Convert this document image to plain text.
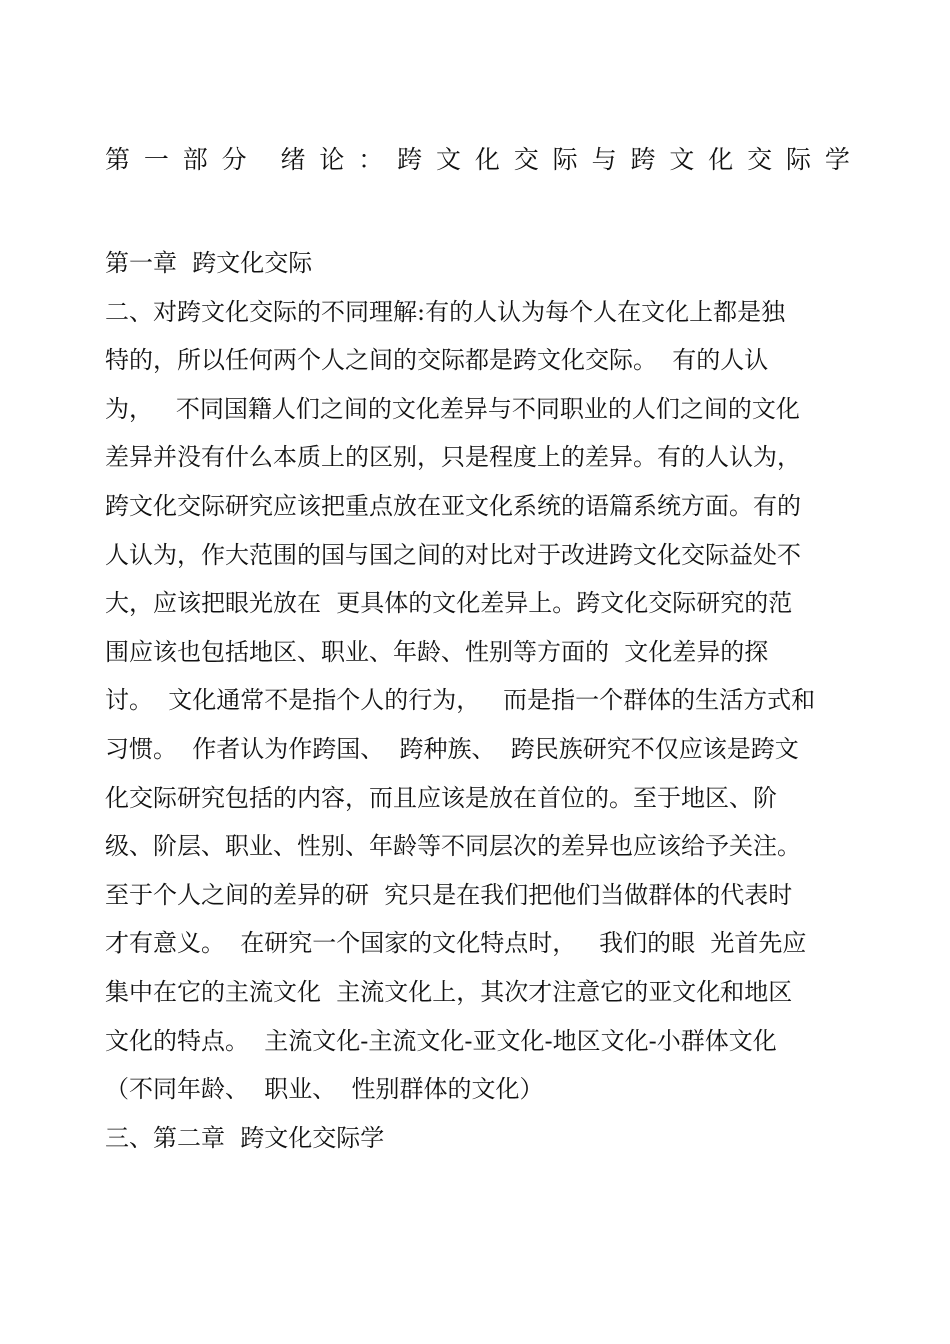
第 一 部 分 绪 论 ： 跨 文 化 交 际 与 跨 文 化 交 际 学
第一章  跨文化交际
二、对跨文化交际的不同理解:有的人认为每个人在文化上都是独
特的，所以任何两个人之间的交际都是跨文化交际。  有的人认
为，   不同国籍人们之间的文化差异与不同职业的人们之间的文化
差异并没有什么本质上的区别，只是程度上的差异。有的人认为，
跨文化交际研究应该把重点放在亚文化系统的语篇系统方面。有的
人认为，作大范围的国与国之间的对比对于改进跨文化交际益处不
大，应该把眼光放在  更具体的文化差异上。跨文化交际研究的范
围应该也包括地区、职业、年龄、性别等方面的  文化差异的探
讨。  文化通常不是指个人的行为，   而是指一个群体的生活方式和
习惯。  作者认为作跨国、  跨种族、  跨民族研究不仅应该是跨文
化交际研究包括的内容，而且应该是放在首位的。至于地区、阶
级、阶层、职业、性别、年龄等不同层次的差异也应该给予关注。
至于个人之间的差异的研  究只是在我们把他们当做群体的代表时
才有意义。  在研究一个国家的文化特点时，   我们的眼  光首先应
集中在它的主流文化  主流文化上，其次才注意它的亚文化和地区
文化的特点。  主流文化-主流文化-亚文化-地区文化-小群体文化
（不同年龄、  职业、  性别群体的文化）
三、第二章  跨文化交际学
